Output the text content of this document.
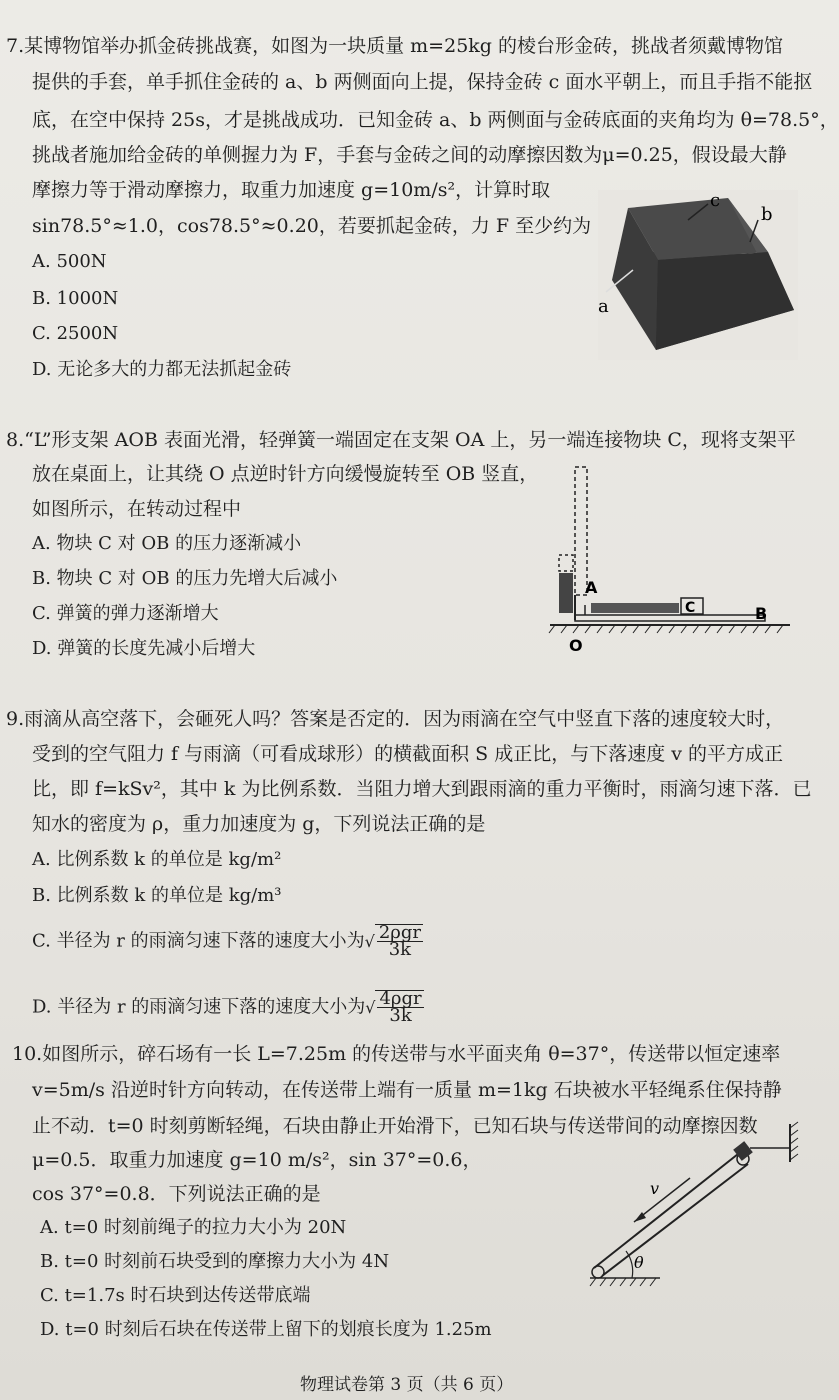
7.某博物馆举办抓金砖挑战赛，如图为一块质量 m=25kg 的棱台形金砖，挑战者须戴博物馆
提供的手套，单手抓住金砖的 a、b 两侧面向上提，保持金砖 c 面水平朝上，而且手指不能抠
底，在空中保持 25s，才是挑战成功．已知金砖 a、b 两侧面与金砖底面的夹角均为 θ=78.5°，
挑战者施加给金砖的单侧握力为 F，手套与金砖之间的动摩擦因数为μ=0.25，假设最大静
摩擦力等于滑动摩擦力，取重力加速度 g=10m/s²，计算时取
sin78.5°≈1.0，cos78.5°≈0.20，若要抓起金砖，力 F 至少约为
A. 500N
B. 1000N
C. 2500N
D. 无论多大的力都无法抓起金砖
c
b
a
8.“L”形支架 AOB 表面光滑，轻弹簧一端固定在支架 OA 上，另一端连接物块 C，现将支架平
放在桌面上，让其绕 O 点逆时针方向缓慢旋转至 OB 竖直，
如图所示，在转动过程中
A. 物块 C 对 OB 的压力逐渐减小
B. 物块 C 对 OB 的压力先增大后减小
C. 弹簧的弹力逐渐增大
D. 弹簧的长度先减小后增大
A
C	B
O
9.雨滴从高空落下，会砸死人吗？答案是否定的．因为雨滴在空气中竖直下落的速度较大时，
受到的空气阻力 f 与雨滴（可看成球形）的横截面积 S 成正比，与下落速度 v 的平方成正
比，即 f=kSv²，其中 k 为比例系数．当阻力增大到跟雨滴的重力平衡时，雨滴匀速下落．已
知水的密度为 ρ，重力加速度为 g，下列说法正确的是
A. 比例系数 k 的单位是 kg/m²
B. 比例系数 k 的单位是 kg/m³
C. 半径为 r 的雨滴匀速下落的速度大小为√ $\frac{\text{2ρgr}}{3k}$
D. 半径为 r 的雨滴匀速下落的速度大小为√ $\frac{\text{4ρgr}}{3k}$
10.如图所示，碎石场有一长 L=7.25m 的传送带与水平面夹角 θ=37°，传送带以恒定速率
v=5m/s 沿逆时针方向转动，在传送带上端有一质量 m=1kg 石块被水平轻绳系住保持静
止不动．t=0 时刻剪断轻绳，石块由静止开始滑下，已知石块与传送带间的动摩擦因数
μ=0.5．取重力加速度 g=10 m/s²，sin 37°=0.6，
cos 37°=0.8．下列说法正确的是
A. t=0 时刻前绳子的拉力大小为 20N
B. t=0 时刻前石块受到的摩擦力大小为 4N
C. t=1.7s 时石块到达传送带底端
D. t=0 时刻后石块在传送带上留下的划痕长度为 1.25m
v
θ
物理试卷第 3 页（共 6 页）
